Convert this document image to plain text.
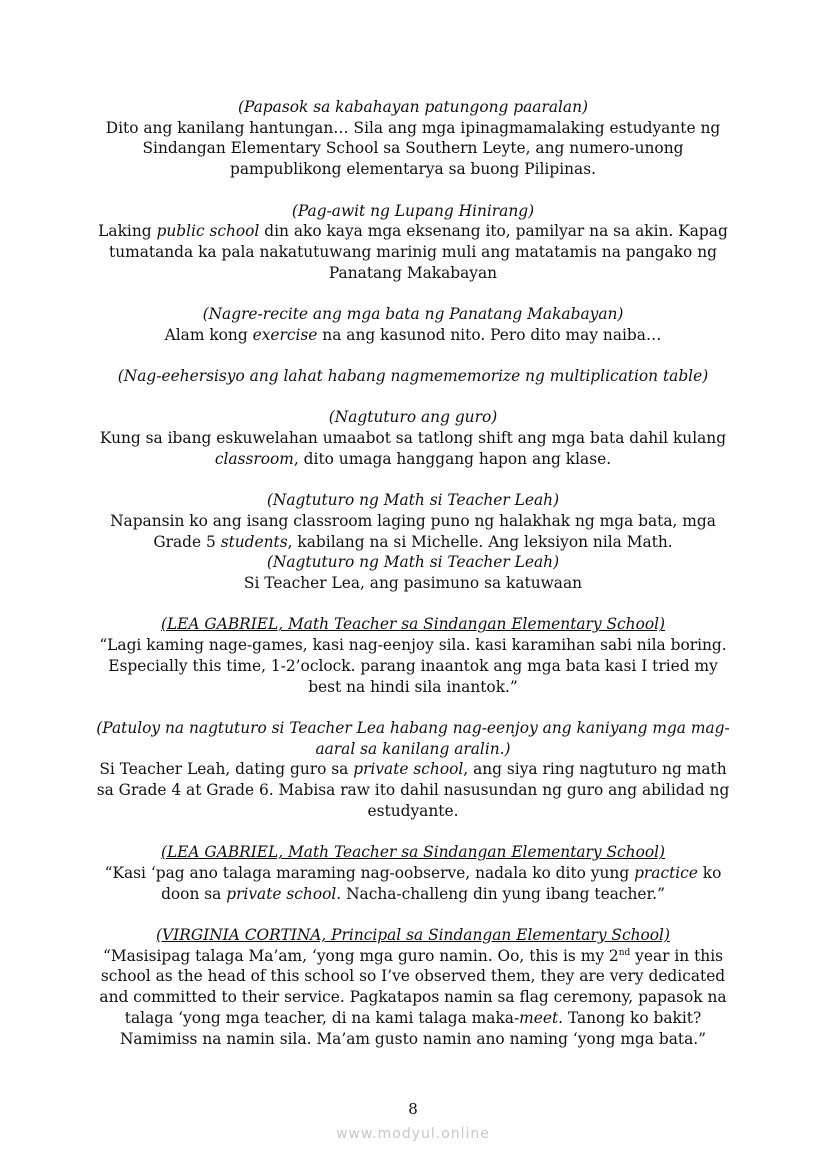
(Papasok sa kabahayan patungong paaralan)

Dito ang kanilang hantungan… Sila ang mga ipinagmamalaking estudyante ng Sindangan Elementary School sa Southern Leyte, ang numero-unong pampublikong elementarya sa buong Pilipinas.

(Pag-awit ng Lupang Hinirang)

Laking public school din ako kaya mga eksenang ito, pamilyar na sa akin. Kapag tumatanda ka pala nakatutuwang marinig muli ang matatamis na pangako ng Panatang Makabayan

(Nagre-recite ang mga bata ng Panatang Makabayan)

Alam kong exercise na ang kasunod nito. Pero dito may naiba…

(Nag-eehersisyo ang lahat habang nagmememorize ng multiplication table)

(Nagtuturo ang guro)

Kung sa ibang eskuwelahan umaabot sa tatlong shift ang mga bata dahil kulang classroom, dito umaga hanggang hapon ang klase.

(Nagtuturo ng Math si Teacher Leah)

Napansin ko ang isang classroom laging puno ng halakhak ng mga bata, mga Grade 5 students, kabilang na si Michelle. Ang leksiyon nila Math.

(Nagtuturo ng Math si Teacher Leah)

Si Teacher Lea, ang pasimuno sa katuwaan

(LEA GABRIEL, Math Teacher sa Sindangan Elementary School)

“Lagi kaming nage-games, kasi nag-eenjoy sila. kasi karamihan sabi nila boring. Especially this time, 1-2’oclock. parang inaantok ang mga bata kasi I tried my best na hindi sila inantok.”

(Patuloy na nagtuturo si Teacher Lea habang nag-eenjoy ang kaniyang mga mag-aaral sa kanilang aralin.)

Si Teacher Leah, dating guro sa private school, ang siya ring nagtuturo ng math sa Grade 4 at Grade 6. Mabisa raw ito dahil nasusundan ng guro ang abilidad ng estudyante.

(LEA GABRIEL, Math Teacher sa Sindangan Elementary School)

“Kasi ‘pag ano talaga maraming nag-oobserve, nadala ko dito yung practice ko doon sa private school. Nacha-challeng din yung ibang teacher.”

(VIRGINIA CORTINA, Principal sa Sindangan Elementary School)

“Masisipag talaga Ma’am, ‘yong mga guro namin. Oo, this is my 2nd year in this school as the head of this school so I’ve observed them, they are very dedicated and committed to their service. Pagkatapos namin sa flag ceremony, papasok na talaga ‘yong mga teacher, di na kami talaga maka-meet. Tanong ko bakit? Namimiss na namin sila. Ma’am gusto namin ano naming ‘yong mga bata.”

8
www.modyul.online
